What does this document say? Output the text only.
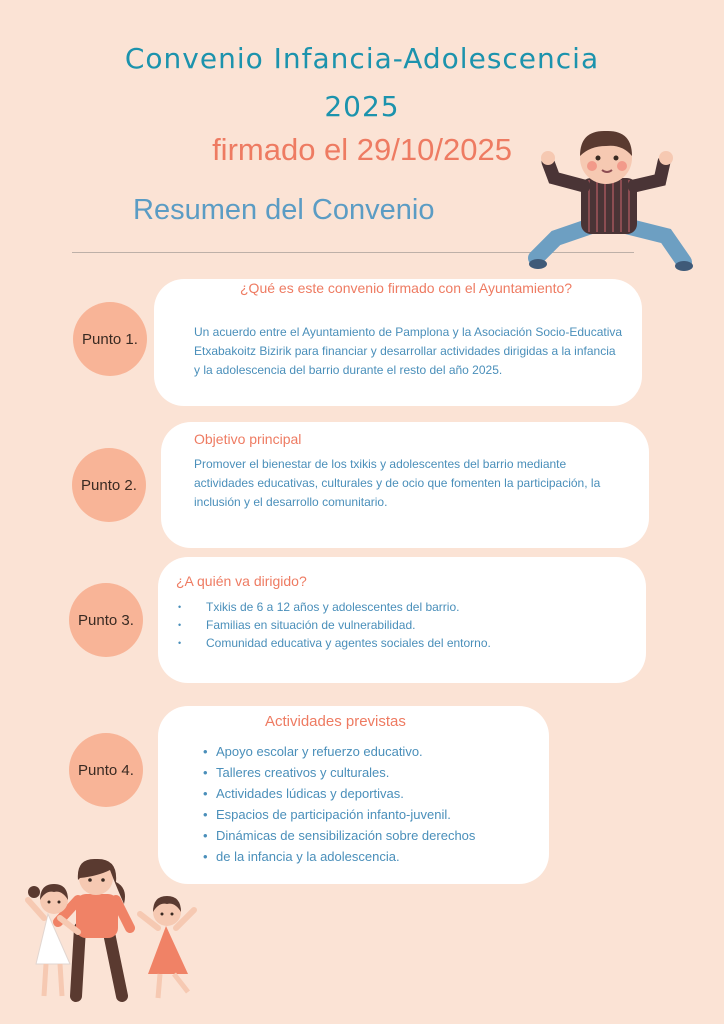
Convenio Infancia-Adolescencia
2025
firmado el 29/10/2025
Resumen del Convenio
Punto 1.
¿Qué es este convenio firmado con el Ayuntamiento?

Un acuerdo entre el Ayuntamiento de Pamplona y la Asociación Socio-Educativa

Etxabakoitz Bizirik para financiar y desarrollar actividades dirigidas a la infancia

y la adolescencia del barrio durante el resto del año 2025.

Punto 2.
Objetivo principal

Promover el bienestar de los txikis y adolescentes del barrio mediante

actividades educativas, culturales y de ocio que fomenten la participación, la

inclusión y el desarrollo comunitario.

Punto 3.
¿A quién va dirigido?
• Txikis de 6 a 12 años y adolescentes del barrio.
• Familias en situación de vulnerabilidad.
• Comunidad educativa y agentes sociales del entorno.
Punto 4.
Actividades previstas
• Apoyo escolar y refuerzo educativo.
• Talleres creativos y culturales.
• Actividades lúdicas y deportivas.
• Espacios de participación infanto-juvenil.
• Dinámicas de sensibilización sobre derechos
• de la infancia y la adolescencia.
